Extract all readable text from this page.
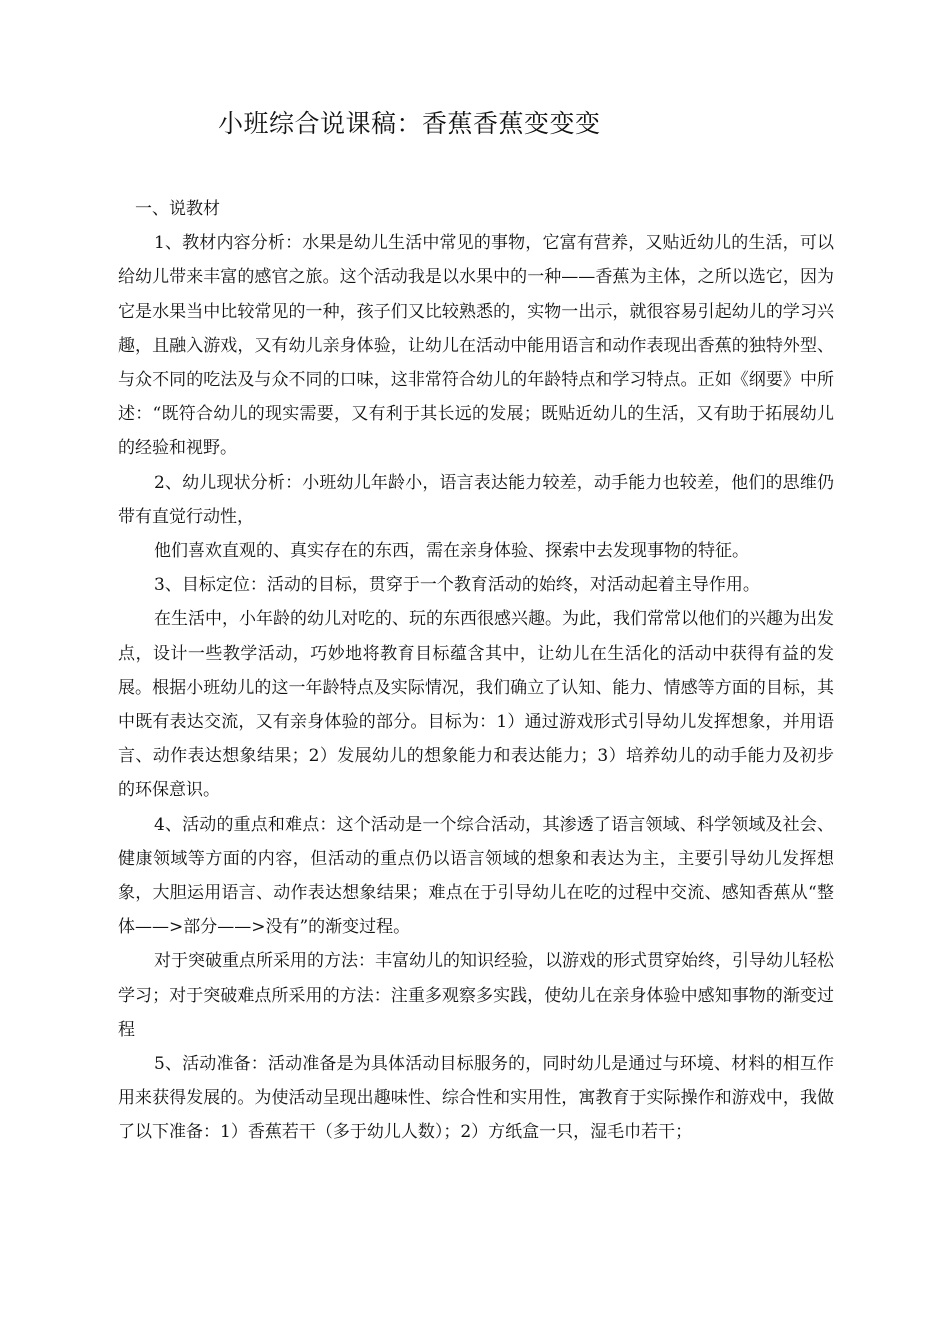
小班综合说课稿：香蕉香蕉变变变

一、说教材

1、教材内容分析：水果是幼儿生活中常见的事物，它富有营养，又贴近幼儿的生活，可以给幼儿带来丰富的感官之旅。这个活动我是以水果中的一种——香蕉为主体，之所以选它，因为它是水果当中比较常见的一种，孩子们又比较熟悉的，实物一出示，就很容易引起幼儿的学习兴趣，且融入游戏，又有幼儿亲身体验，让幼儿在活动中能用语言和动作表现出香蕉的独特外型、与众不同的吃法及与众不同的口味，这非常符合幼儿的年龄特点和学习特点。正如《纲要》中所述：“既符合幼儿的现实需要，又有利于其长远的发展；既贴近幼儿的生活，又有助于拓展幼儿的经验和视野。

2、幼儿现状分析：小班幼儿年龄小，语言表达能力较差，动手能力也较差，他们的思维仍带有直觉行动性，

他们喜欢直观的、真实存在的东西，需在亲身体验、探索中去发现事物的特征。

3、目标定位：活动的目标，贯穿于一个教育活动的始终，对活动起着主导作用。

在生活中，小年龄的幼儿对吃的、玩的东西很感兴趣。为此，我们常常以他们的兴趣为出发点，设计一些教学活动，巧妙地将教育目标蕴含其中，让幼儿在生活化的活动中获得有益的发展。根据小班幼儿的这一年龄特点及实际情况，我们确立了认知、能力、情感等方面的目标，其中既有表达交流，又有亲身体验的部分。目标为：1）通过游戏形式引导幼儿发挥想象，并用语言、动作表达想象结果；2）发展幼儿的想象能力和表达能力；3）培养幼儿的动手能力及初步的环保意识。

4、活动的重点和难点：这个活动是一个综合活动，其渗透了语言领域、科学领域及社会、健康领域等方面的内容，但活动的重点仍以语言领域的想象和表达为主，主要引导幼儿发挥想象，大胆运用语言、动作表达想象结果；难点在于引导幼儿在吃的过程中交流、感知香蕉从“整体——>部分——>没有”的渐变过程。

对于突破重点所采用的方法：丰富幼儿的知识经验，以游戏的形式贯穿始终，引导幼儿轻松学习；对于突破难点所采用的方法：注重多观察多实践，使幼儿在亲身体验中感知事物的渐变过程

5、活动准备：活动准备是为具体活动目标服务的，同时幼儿是通过与环境、材料的相互作用来获得发展的。为使活动呈现出趣味性、综合性和实用性，寓教育于实际操作和游戏中，我做了以下准备：1）香蕉若干（多于幼儿人数）；2）方纸盒一只，湿毛巾若干；
